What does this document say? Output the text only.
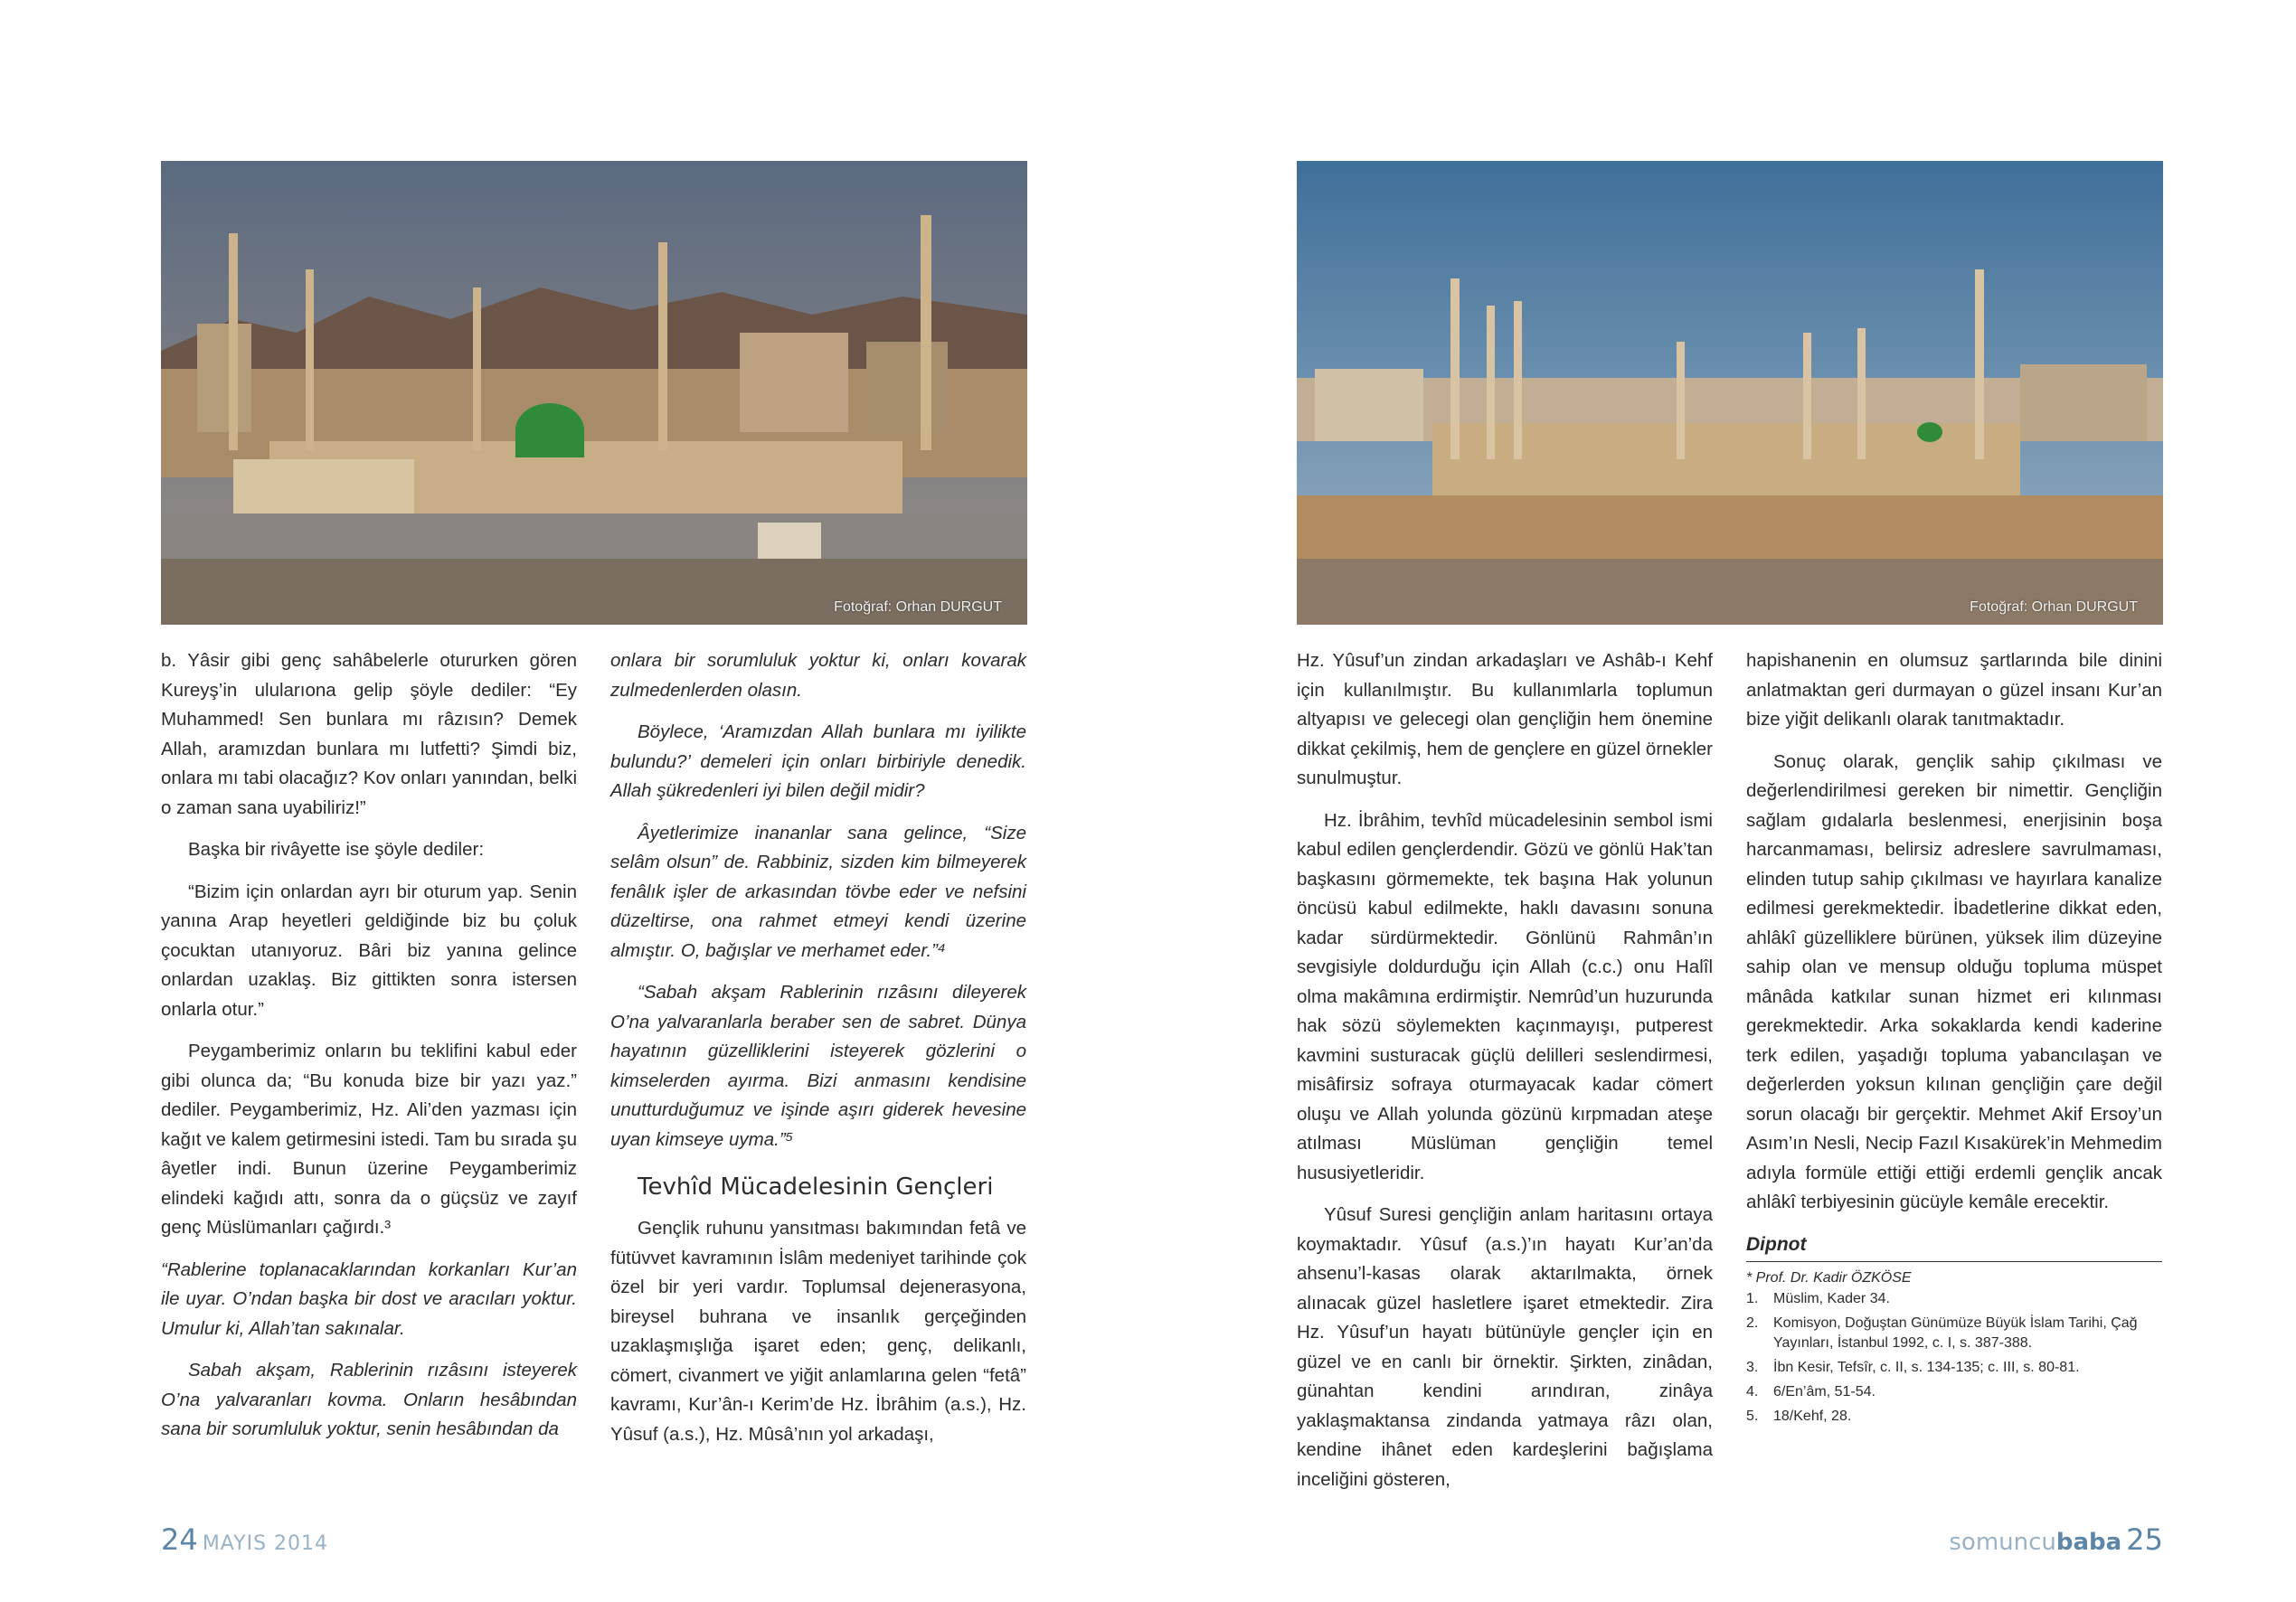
Fotoğraf: Orhan DURGUT	Fotoğraf: Orhan DURGUT

b. Yâsir gibi genç sahâbelerle otururken gören Kureyş’in ulularıona gelip şöyle dediler: “Ey Muhammed! Sen bunlara mı râzısın? Demek Allah, aramızdan bunlara mı lutfetti? Şimdi biz, onlara mı tabi olacağız? Kov onları yanından, belki o zaman sana uyabiliriz!”

Başka bir rivâyette ise şöyle dediler:

“Bizim için onlardan ayrı bir oturum yap. Senin yanına Arap heyetleri geldiğinde biz bu çoluk çocuktan utanıyoruz. Bâri biz yanına gelince onlardan uzaklaş. Biz gittikten sonra istersen onlarla otur.”

Peygamberimiz onların bu teklifini kabul eder gibi olunca da; “Bu konuda bize bir yazı yaz.” dediler. Peygamberimiz, Hz. Ali’den yazması için kağıt ve kalem getirmesini istedi. Tam bu sırada şu âyetler indi. Bunun üzerine Peygamberimiz elindeki kağıdı attı, sonra da o güçsüz ve zayıf genç Müslümanları çağırdı.³

“Rablerine toplanacaklarından korkanları Kur’an ile uyar. O’ndan başka bir dost ve aracıları yoktur. Umulur ki, Allah’tan sakınalar.

Sabah akşam, Rablerinin rızâsını isteyerek O’na yalvaranları kovma. Onların hesâbından sana bir sorumluluk yoktur, senin hesâbından da

onlara bir sorumluluk yoktur ki, onları kovarak zulmedenlerden olasın.

Böylece, ‘Aramızdan Allah bunlara mı iyilikte bulundu?’ demeleri için onları birbiriyle denedik. Allah şükredenleri iyi bilen değil midir?

Âyetlerimize inananlar sana gelince, “Size selâm olsun” de. Rabbiniz, sizden kim bilmeyerek fenâlık işler de arkasından tövbe eder ve nefsini düzeltirse, ona rahmet etmeyi kendi üzerine almıştır. O, bağışlar ve merhamet eder.”⁴

“Sabah akşam Rablerinin rızâsını dileyerek O’na yalvaranlarla beraber sen de sabret. Dünya hayatının güzelliklerini isteyerek gözlerini o kimselerden ayırma. Bizi anmasını kendisine unutturduğumuz ve işinde aşırı giderek hevesine uyan kimseye uyma.”⁵

Tevhîd Mücadelesinin Gençleri

Gençlik ruhunu yansıtması bakımından fetâ ve fütüvvet kavramının İslâm medeniyet tarihinde çok özel bir yeri vardır. Toplumsal dejenerasyona, bireysel buhrana ve insanlık gerçeğinden uzaklaşmışlığa işaret eden; genç, delikanlı, cömert, civanmert ve yiğit anlamlarına gelen “fetâ” kavramı, Kur’ân-ı Kerim’de Hz. İbrâhim (a.s.), Hz. Yûsuf (a.s.), Hz. Mûsâ’nın yol arkadaşı,

Hz. Yûsuf’un zindan arkadaşları ve Ashâb-ı Kehf için kullanılmıştır. Bu kullanımlarla toplumun altyapısı ve gelecegi olan gençliğin hem önemine dikkat çekilmiş, hem de gençlere en güzel örnekler sunulmuştur.

Hz. İbrâhim, tevhîd mücadelesinin sembol ismi kabul edilen gençlerdendir. Gözü ve gönlü Hak’tan başkasını görmemekte, tek başına Hak yolunun öncüsü kabul edilmekte, haklı davasını sonuna kadar sürdürmektedir. Gönlünü Rahmân’ın sevgisiyle doldurduğu için Allah (c.c.) onu Halîl olma makâmına erdirmiştir. Nemrûd’un huzurunda hak sözü söylemekten kaçınmayışı, putperest kavmini susturacak güçlü delilleri seslendirmesi, misâfirsiz sofraya oturmayacak kadar cömert oluşu ve Allah yolunda gözünü kırpmadan ateşe atılması Müslüman gençliğin temel hususiyetleridir.

Yûsuf Suresi gençliğin anlam haritasını ortaya koymaktadır. Yûsuf (a.s.)’ın hayatı Kur’an’da ahsenu’l-kasas olarak aktarılmakta, örnek alınacak güzel hasletlere işaret etmektedir. Zira Hz. Yûsuf’un hayatı bütünüyle gençler için en güzel ve en canlı bir örnektir. Şirkten, zinâdan, günahtan kendini arındıran, zinâya yaklaşmaktansa zindanda yatmaya râzı olan, kendine ihânet eden kardeşlerini bağışlama inceliğini gösteren,

hapishanenin en olumsuz şartlarında bile dinini anlatmaktan geri durmayan o güzel insanı Kur’an bize yiğit delikanlı olarak tanıtmaktadır.

Sonuç olarak, gençlik sahip çıkılması ve değerlendirilmesi gereken bir nimettir. Gençliğin sağlam gıdalarla beslenmesi, enerjisinin boşa harcanmaması, belirsiz adreslere savrulmaması, elinden tutup sahip çıkılması ve hayırlara kanalize edilmesi gerekmektedir. İbadetlerine dikkat eden, ahlâkî güzelliklere bürünen, yüksek ilim düzeyine sahip olan ve mensup olduğu topluma müspet mânâda katkılar sunan hizmet eri kılınması gerekmektedir. Arka sokaklarda kendi kaderine terk edilen, yaşadığı topluma yabancılaşan ve değerlerden yoksun kılınan gençliğin çare değil sorun olacağı bir gerçektir. Mehmet Akif Ersoy’un Asım’ın Nesli, Necip Fazıl Kısakürek’in Mehmedim adıyla formüle ettiği ettiği erdemli gençlik ancak ahlâkî terbiyesinin gücüyle kemâle erecektir.

Dipnot
* Prof. Dr. Kadir ÖZKÖSE
1. Müslim, Kader 34.
2. Komisyon, Doğuştan Günümüze Büyük İslam Tarihi, Çağ Yayınları, İstanbul 1992, c. I, s. 387-388.
3. İbn Kesir, Tefsîr, c. II, s. 134-135; c. III, s. 80-81.
4. 6/En’âm, 51-54.
5. 18/Kehf, 28.
24 MAYIS 2014	somuncubaba 25
